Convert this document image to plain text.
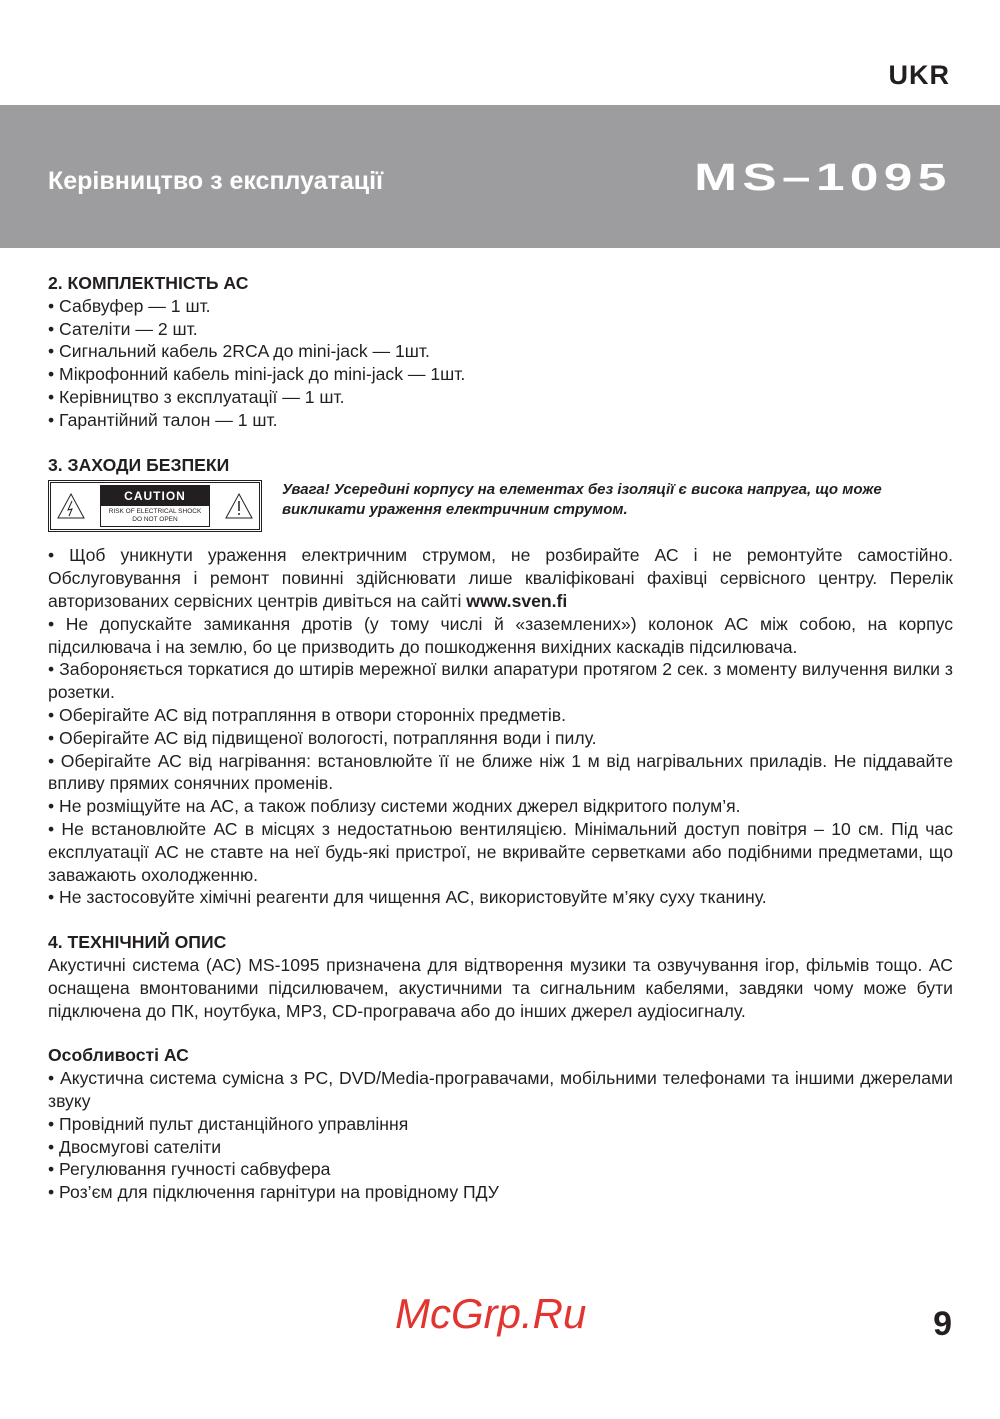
UKR
Керівництво з експлуатації	MS–1095
2. КОМПЛЕКТНІСТЬ АС

• Сабвуфер — 1 шт.

• Сателіти — 2 шт.

• Сигнальний кабель 2RCA до mini-jack — 1шт.

• Мікрофонний кабель mini-jack до mini-jack — 1шт.

• Керівництво з експлуатації — 1 шт.

• Гарантійний талон — 1 шт.

3. ЗАХОДИ БЕЗПЕКИ
CAUTION
RISK OF ELECTRICAL SHOCK
DO NOT OPEN
Увага! Усередині корпусу на елементах без ізоляції є висока напруга, що може викликати ураження електричним струмом.

• Щоб уникнути ураження електричним струмом, не розбирайте АС і не ремонтуйте самостійно. Обслуговування і ремонт повинні здійснювати лише кваліфіковані фахівці сервісного центру. Перелік авторизованих сервісних центрів дивіться на сайті www.sven.fi

• Не допускайте замикання дротів (у тому числі й «заземлених») колонок АС між собою, на корпус підсилювача і на землю, бо це призводить до пошкодження вихідних каскадів підсилювача.

• Забороняється торкатися до штирів мережної вилки апаратури протягом 2 сек. з моменту вилучення вилки з розетки.

• Оберігайте АС від потрапляння в отвори сторонніх предметів.

• Оберігайте АС від підвищеної вологості, потрапляння води і пилу.

• Оберігайте АС від нагрівання: встановлюйте її не ближе ніж 1 м від нагрівальних приладів. Не піддавайте впливу прямих сонячних променів.

• Не розміщуйте на АС, а також поблизу системи жодних джерел відкритого полум’я.

• Не встановлюйте АС в місцях з недостатньою вентиляцією. Мінімальний доступ повітря – 10 см. Під час експлуатації АС не ставте на неї будь-які пристрої, не вкривайте серветками або подібними предметами, що заважають охолодженню.

• Не застосовуйте хімічні реагенти для чищення АС, використовуйте м’яку суху тканину.

4. ТЕХНІЧНИЙ ОПИС

Акустичні система (АС) MS-1095 призначена для відтворення музики та озвучування ігор, фільмів тощо. АС оснащена вмонтованими підсилювачем, акустичними та сигнальним кабелями, завдяки чому може бути підключена до ПК, ноутбука, MP3, CD-програвача або до інших джерел аудіосигналу.

Особливості АС

• Акустична система сумісна з PC, DVD/Media-програвачами, мобільними телефонами та іншими джерелами звуку

• Провідний пульт дистанційного управління

• Двосмугові сателіти

• Регулювання гучності сабвуфера

• Роз’єм для підключення гарнітури на провідному ПДУ

McGrp.Ru	9
